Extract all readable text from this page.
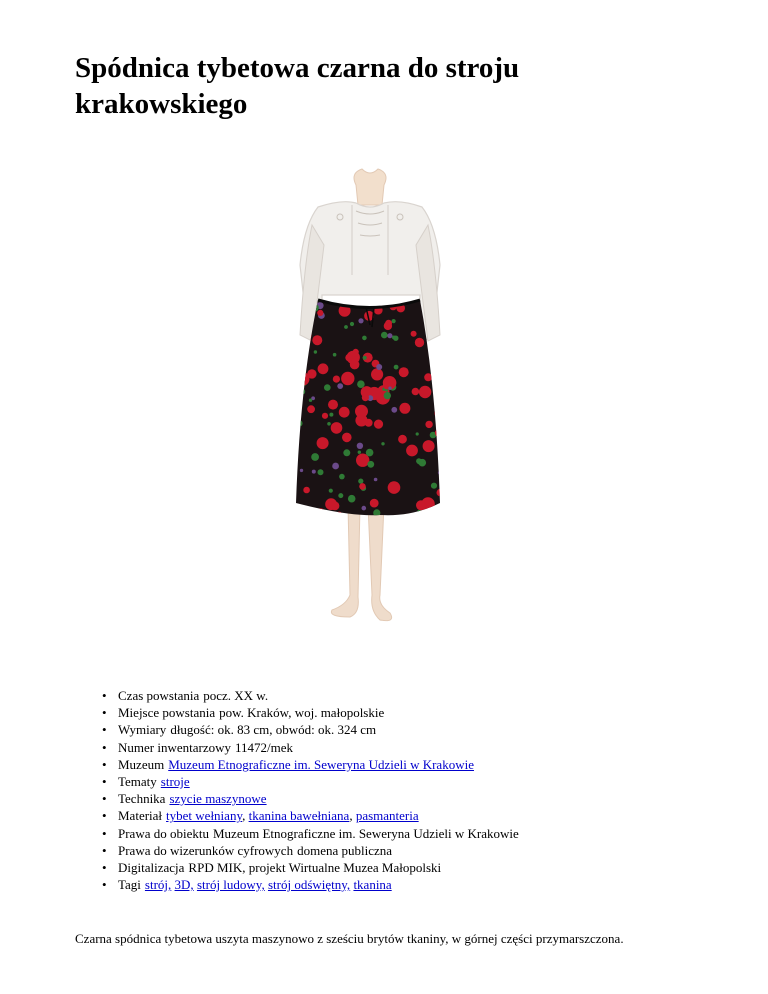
Spódnica tybetowa czarna do stroju krakowskiego
• Czas powstania pocz. XX w.
• Miejsce powstania pow. Kraków, woj. małopolskie
• Wymiary długość: ok. 83 cm, obwód: ok. 324 cm
• Numer inwentarzowy 11472/mek
• Muzeum Muzeum Etnograficzne im. Seweryna Udzieli w Krakowie
• Tematy stroje
• Technika szycie maszynowe
• Materiał tybet wełniany, tkanina bawełniana, pasmanteria
• Prawa do obiektu Muzeum Etnograficzne im. Seweryna Udzieli w Krakowie
• Prawa do wizerunków cyfrowych domena publiczna
• Digitalizacja RPD MIK, projekt Wirtualne Muzea Małopolski
• Tagi strój, 3D, strój ludowy, strój odświętny, tkanina

Czarna spódnica tybetowa uszyta maszynowo z sześciu brytów tkaniny, w górnej części przymarszczona.
